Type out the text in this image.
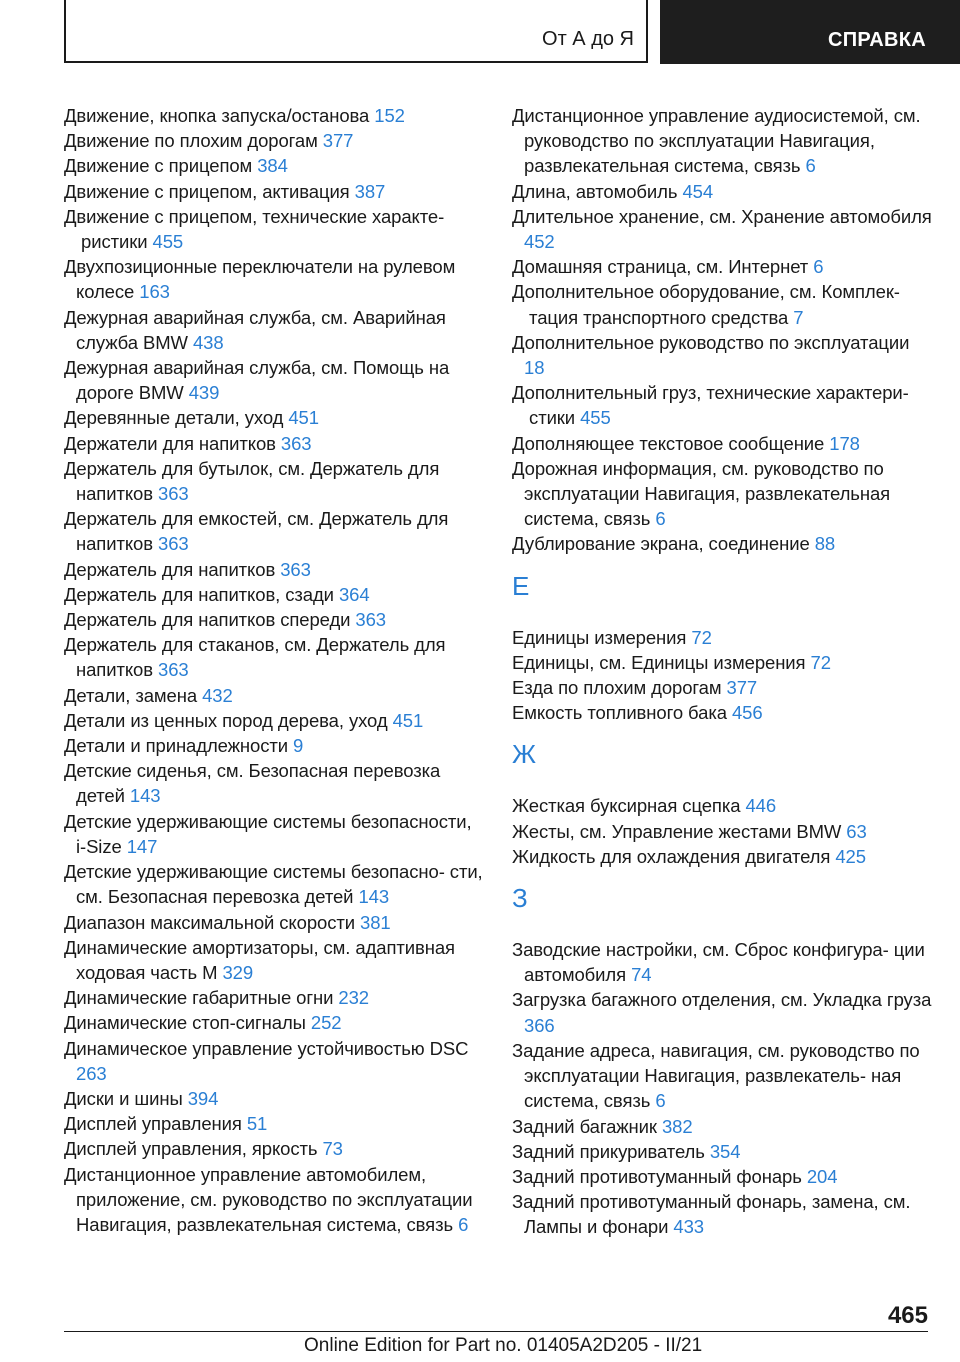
От А до Я	СПРАВКА
Движение, кнопка запуска/останова 152
Движение по плохим дорогам 377
Движение с прицепом 384
Движение с прицепом, активация 387
Движение с прицепом, технические характе- ристики 455
Двухпозиционные переключатели на рулевом колесе 163
Дежурная аварийная служба, см. Аварийная служба BMW 438
Дежурная аварийная служба, см. Помощь на дороге BMW 439
Деревянные детали, уход 451
Держатели для напитков 363
Держатель для бутылок, см. Держатель для напитков 363
Держатель для емкостей, см. Держатель для напитков 363
Держатель для напитков 363
Держатель для напитков, сзади 364
Держатель для напитков спереди 363
Держатель для стаканов, см. Держатель для напитков 363
Детали, замена 432
Детали из ценных пород дерева, уход 451
Детали и принадлежности 9
Детские сиденья, см. Безопасная перевозка детей 143
Детские удерживающие системы безопасности, i-Size 147
Детские удерживающие системы безопасно- сти, см. Безопасная перевозка детей 143
Диапазон максимальной скорости 381
Динамические амортизаторы, см. адаптивная ходовая часть M 329
Динамические габаритные огни 232
Динамические стоп-сигналы 252
Динамическое управление устойчивостью DSC 263
Диски и шины 394
Дисплей управления 51
Дисплей управления, яркость 73
Дистанционное управление автомобилем, приложение, см. руководство по эксплуатации Навигация, развлекательная система, связь 6
Дистанционное управление аудиосистемой, см. руководство по эксплуатации Навигация, развлекательная система, связь 6
Длина, автомобиль 454
Длительное хранение, см. Хранение автомобиля 452
Домашняя страница, см. Интернет 6
Дополнительное оборудование, см. Комплек- тация транспортного средства 7
Дополнительное руководство по эксплуатации 18
Дополнительный груз, технические характери- стики 455
Дополняющее текстовое сообщение 178
Дорожная информация, см. руководство по эксплуатации Навигация, развлекательная система, связь 6
Дублирование экрана, соединение 88
Е
Единицы измерения 72
Единицы, см. Единицы измерения 72
Езда по плохим дорогам 377
Емкость топливного бака 456
Ж
Жесткая буксирная сцепка 446
Жесты, см. Управление жестами BMW 63
Жидкость для охлаждения двигателя 425
З
Заводские настройки, см. Сброс конфигура- ции автомобиля 74
Загрузка багажного отделения, см. Укладка груза 366
Задание адреса, навигация, см. руководство по эксплуатации Навигация, развлекатель- ная система, связь 6
Задний багажник 382
Задний прикуриватель 354
Задний противотуманный фонарь 204
Задний противотуманный фонарь, замена, см. Лампы и фонари 433
465
Online Edition for Part no. 01405A2D205 - II/21
